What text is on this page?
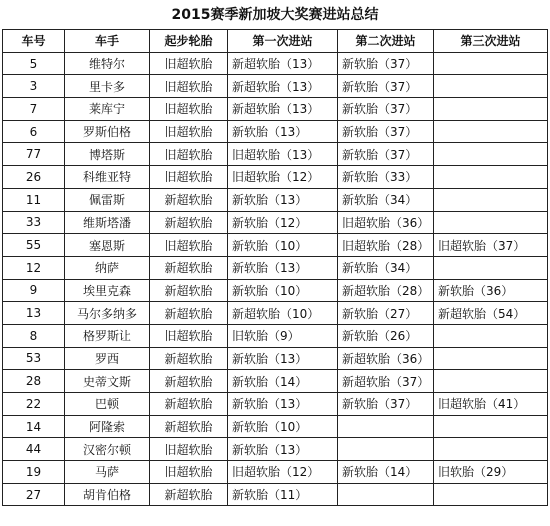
2015赛季新加坡大奖赛进站总结
车号	车手	起步轮胎	第一次进站	第二次进站	第三次进站
5	维特尔	旧超软胎	新超软胎（13）	新软胎（37）	
3	里卡多	旧超软胎	新超软胎（13）	新软胎（37）	
7	莱库宁	旧超软胎	新超软胎（13）	新软胎（37）	
6	罗斯伯格	旧超软胎	新软胎（13）	新软胎（37）	
77	博塔斯	旧超软胎	旧超软胎（13）	新软胎（37）	
26	科维亚特	旧超软胎	旧超软胎（12）	新软胎（33）	
11	佩雷斯	新超软胎	新软胎（13）	新软胎（34）	
33	维斯塔潘	新超软胎	新软胎（12）	旧超软胎（36）	
55	塞恩斯	旧超软胎	新软胎（10）	旧超软胎（28）	旧超软胎（37）
12	纳萨	新超软胎	新软胎（13）	新软胎（34）	
9	埃里克森	新超软胎	新软胎（10）	新超软胎（28）	新软胎（36）
13	马尔多纳多	新超软胎	新超软胎（10）	新软胎（27）	新超软胎（54）
8	格罗斯让	旧超软胎	旧软胎（9）	新软胎（26）	
53	罗西	新超软胎	新软胎（13）	新超软胎（36）	
28	史蒂文斯	新超软胎	新软胎（14）	新超软胎（37）	
22	巴顿	新超软胎	新软胎（13）	新软胎（37）	旧超软胎（41）
14	阿隆索	新超软胎	新软胎（10）		
44	汉密尔顿	旧超软胎	新软胎（13）		
19	马萨	旧超软胎	旧超软胎（12）	新软胎（14）	旧软胎（29）
27	胡肯伯格	新超软胎	新软胎（11）		
